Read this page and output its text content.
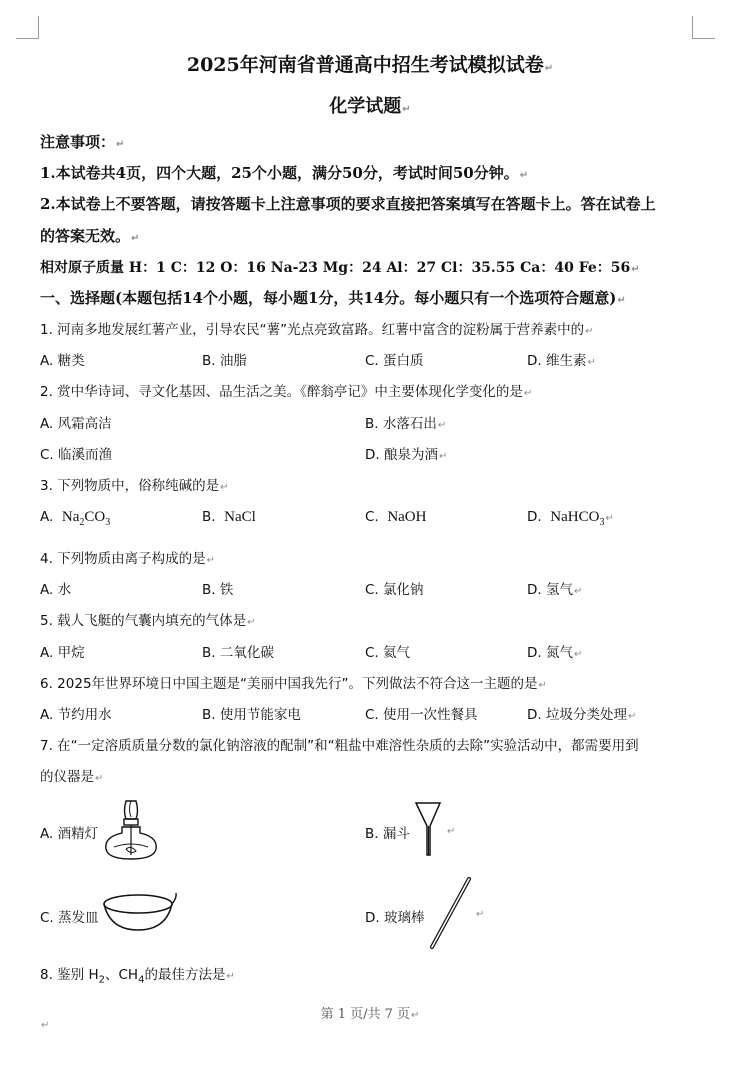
2025年河南省普通高中招生考试模拟试卷↵
化学试题↵
注意事项：↵
1.本试卷共4页，四个大题，25个小题，满分50分，考试时间50分钟。↵
2.本试卷上不要答题，请按答题卡上注意事项的要求直接把答案填写在答题卡上。答在试卷上
的答案无效。↵
相对原子质量 H：1 C：12 O：16 Na-23 Mg：24 Al：27 Cl：35.55 Ca：40 Fe：56↵
一、选择题(本题包括14个小题，每小题1分，共14分。每小题只有一个选项符合题意)↵
1. 河南多地发展红薯产业，引导农民“薯”光点亮致富路。红薯中富含的淀粉属于营养素中的↵
A. 糖类	B. 油脂	C. 蛋白质	D. 维生素↵
2. 赏中华诗词、寻文化基因、品生活之美。《醉翁亭记》中主要体现化学变化的是↵
A. 风霜高洁	B. 水落石出↵
C. 临溪而渔	D. 酿泉为酒↵
3. 下列物质中，俗称纯碱的是↵
A. $Na_2CO_3$	B. NaCl	C. NaOH	D. NaHCO$_3$↵
4. 下列物质由离子构成的是↵
A. 水	B. 铁	C. 氯化钠	D. 氢气↵
5. 载人飞艇的气囊内填充的气体是↵
A. 甲烷	B. 二氧化碳	C. 氦气	D. 氮气↵
6. 2025年世界环境日中国主题是“美丽中国我先行”。下列做法不符合这一主题的是↵
A. 节约用水	B. 使用节能家电	C. 使用一次性餐具	D. 垃圾分类处理↵
7. 在“一定溶质质量分数的氯化钠溶液的配制”和“粗盐中难溶性杂质的去除”实验活动中，都需要用到
的仪器是↵
A. 酒精灯	B. 漏斗	↵
C. 蒸发皿	D. 玻璃棒	↵
8. 鉴别 $H_2$、$CH_4$的最佳方法是↵
第 1 页/共 7 页↵
↵
